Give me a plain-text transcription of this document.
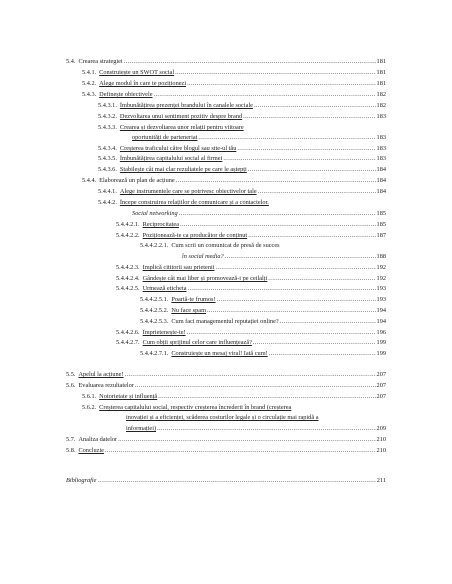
5.4. Crearea strategiei . . .	181
5.4.1. Construiește un SWOT social . . .	181
5.4.2. Alege modul în care te poziționezi . . .	181
5.4.3. Definește obiectivele . . .	182
5.4.3.1. Îmbunătățirea prezenței brandului în canalele sociale . . .	182
5.4.3.2. Dezvoltarea unui sentiment pozitiv despre brand . . .	183
5.4.3.3. Crearea și dezvoltarea unor relații pentru viitoare
oportunități de parteneriat . . .	183
5.4.3.4. Creșterea traficului către blogul sau site-ul tău . . .	183
5.4.3.5. Îmbunătățirea capitalului social al firmei . . .	183
5.4.3.6. Stabilește cât mai clar rezultatele pe care le aștepți . . .	184
5.4.4. Elaborează un plan de acțiune . . .	184
5.4.4.1. Alege instrumentele care se potrivesc obiectivelor tale . . .	184
5.4.4.2. Începe construirea relațiilor de comunicare și a contactelor.
Social networking . . .	185
5.4.4.2.1. Reciprocitatea . . .	185
5.4.4.2.2. Poziționează-te ca producător de conținut . . .	187
5.4.4.2.2.1. Cum scrii un comunicat de presă de succes
în social media? . . .	188
5.4.4.2.3. Implică cititorii sau prietenii . . .	192
5.4.4.2.4. Gândește cât mai liber și promovează-i pe ceilalți . . .	192
5.4.4.2.5. Urmează eticheta . . .	193
5.4.4.2.5.1. Poartă-te frumos! . . .	193
5.4.4.2.5.2. Nu face spam . . .	194
5.4.4.2.5.3. Cum faci managementul reputației online? . . .	194
5.4.4.2.6. Împrietenește-te! . . .	196
5.4.4.2.7. Cum obții sprijinul celor care influențează? . . .	199
5.4.4.2.7.1. Construiește un mesaj viral! Iată cum! . . .	199
5.5. Apelul la acțiune! . . .	207
5.6. Evaluarea rezultatelor . . .	207
5.6.1. Notorietate și influență . . .	207
5.6.2. Creșterea capitalului social, respectiv creșterea încrederii în brand (creșterea
inovației și a eficienței, scăderea costurilor legale și o circulație mai rapidă a
informației) . . .	209
5.7. Analiza datelor . . .	210
5.8. Concluzie . . .	210
Bibliografie . . .	211
